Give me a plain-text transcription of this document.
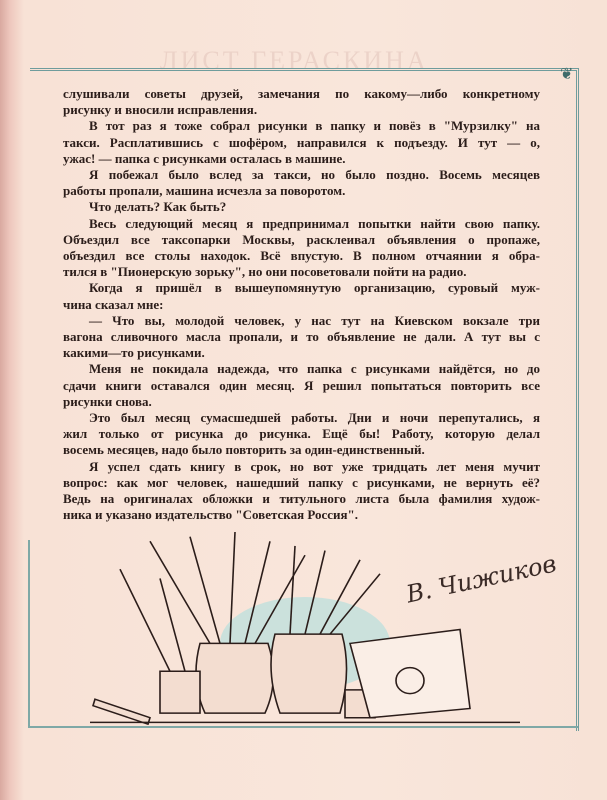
ЛИСТ ГЕРАСКИНА	❦
слушивали советы друзей, замечания по какому—либо конкретному
рисунку и вносили исправления.
В тот раз я тоже собрал рисунки в папку и повёз в "Мурзилку" на
такси. Расплатившись с шофёром, направился к подъезду. И тут — о,
ужас! — папка с рисунками осталась в машине.
Я побежал было вслед за такси, но было поздно. Восемь месяцев
работы пропали, машина исчезла за поворотом.
Что делать? Как быть?
Весь следующий месяц я предпринимал попытки найти свою папку.
Объездил все таксопарки Москвы, расклеивал объявления о пропаже,
объездил все столы находок. Всё впустую. В полном отчаянии я обра-
тился в "Пионерскую зорьку", но они посоветовали пойти на радио.
Когда я пришёл в вышеупомянутую организацию, суровый муж-
чина сказал мне:
— Что вы, молодой человек, у нас тут на Киевском вокзале три
вагона сливочного масла пропали, и то объявление не дали. А тут вы с
какими—то рисунками.
Меня не покидала надежда, что папка с рисунками найдётся, но до
сдачи книги оставался один месяц. Я решил попытаться повторить все
рисунки снова.
Это был месяц сумасшедшей работы. Дни и ночи перепутались, я
жил только от рисунка до рисунка. Ещё бы! Работу, которую делал
восемь месяцев, надо было повторить за один-единственный.
Я успел сдать книгу в срок, но вот уже тридцать лет меня мучит
вопрос: как мог человек, нашедший папку с рисунками, не вернуть её?
Ведь на оригиналах обложки и титульного листа была фамилия худож-
ника и указано издательство "Советская Россия".
В. Чижиков
